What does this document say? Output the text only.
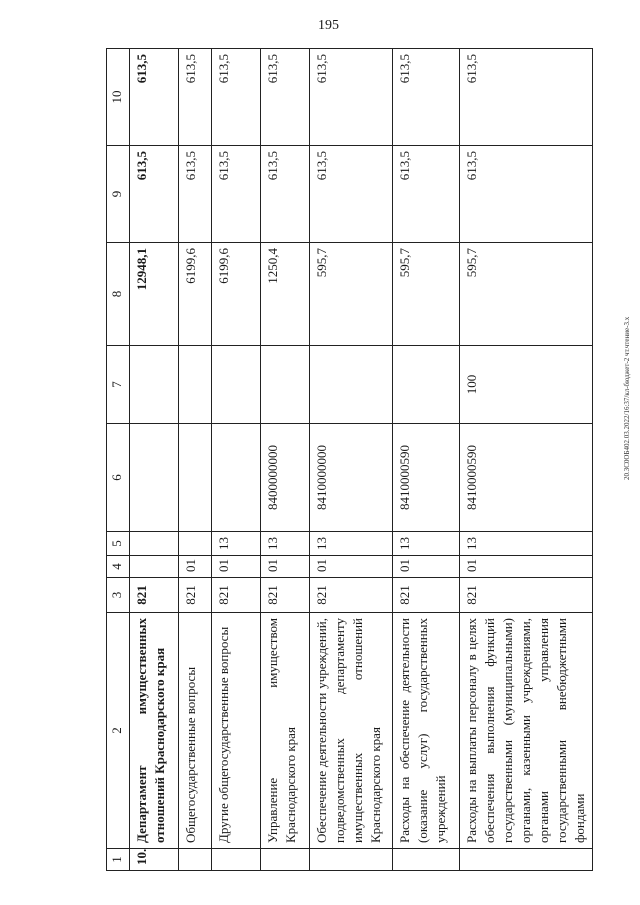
195
20.ЗС0ОБ402.03.2022/16:37/кл-бюджет-2 чт.чтение-3.х
1	2	3	4	5	6	7	8	9	10
10.	Департамент имущественных отношений Краснодарского края	821					12948,1	613,5	613,5
	Общегосударственные вопросы	821	01				6199,6	613,5	613,5
	Другие общегосударственные вопросы	821	01	13			6199,6	613,5	613,5
	Управление имуществом Краснодарского края	821	01	13	8400000000		1250,4	613,5	613,5
	Обеспечение деятельности учреждений, подведомственных департаменту имущественных отношений Краснодарского края	821	01	13	8410000000		595,7	613,5	613,5
	Расходы на обеспечение деятельности (оказание услуг) государственных учреждений	821	01	13	8410000590		595,7	613,5	613,5
	Расходы на выплаты персоналу в целях обеспечения выполнения функций государственными (муниципальными) органами, казенными учреждениями, органами управления государственными внебюджетными фондами	821	01	13	8410000590	100	595,7	613,5	613,5
